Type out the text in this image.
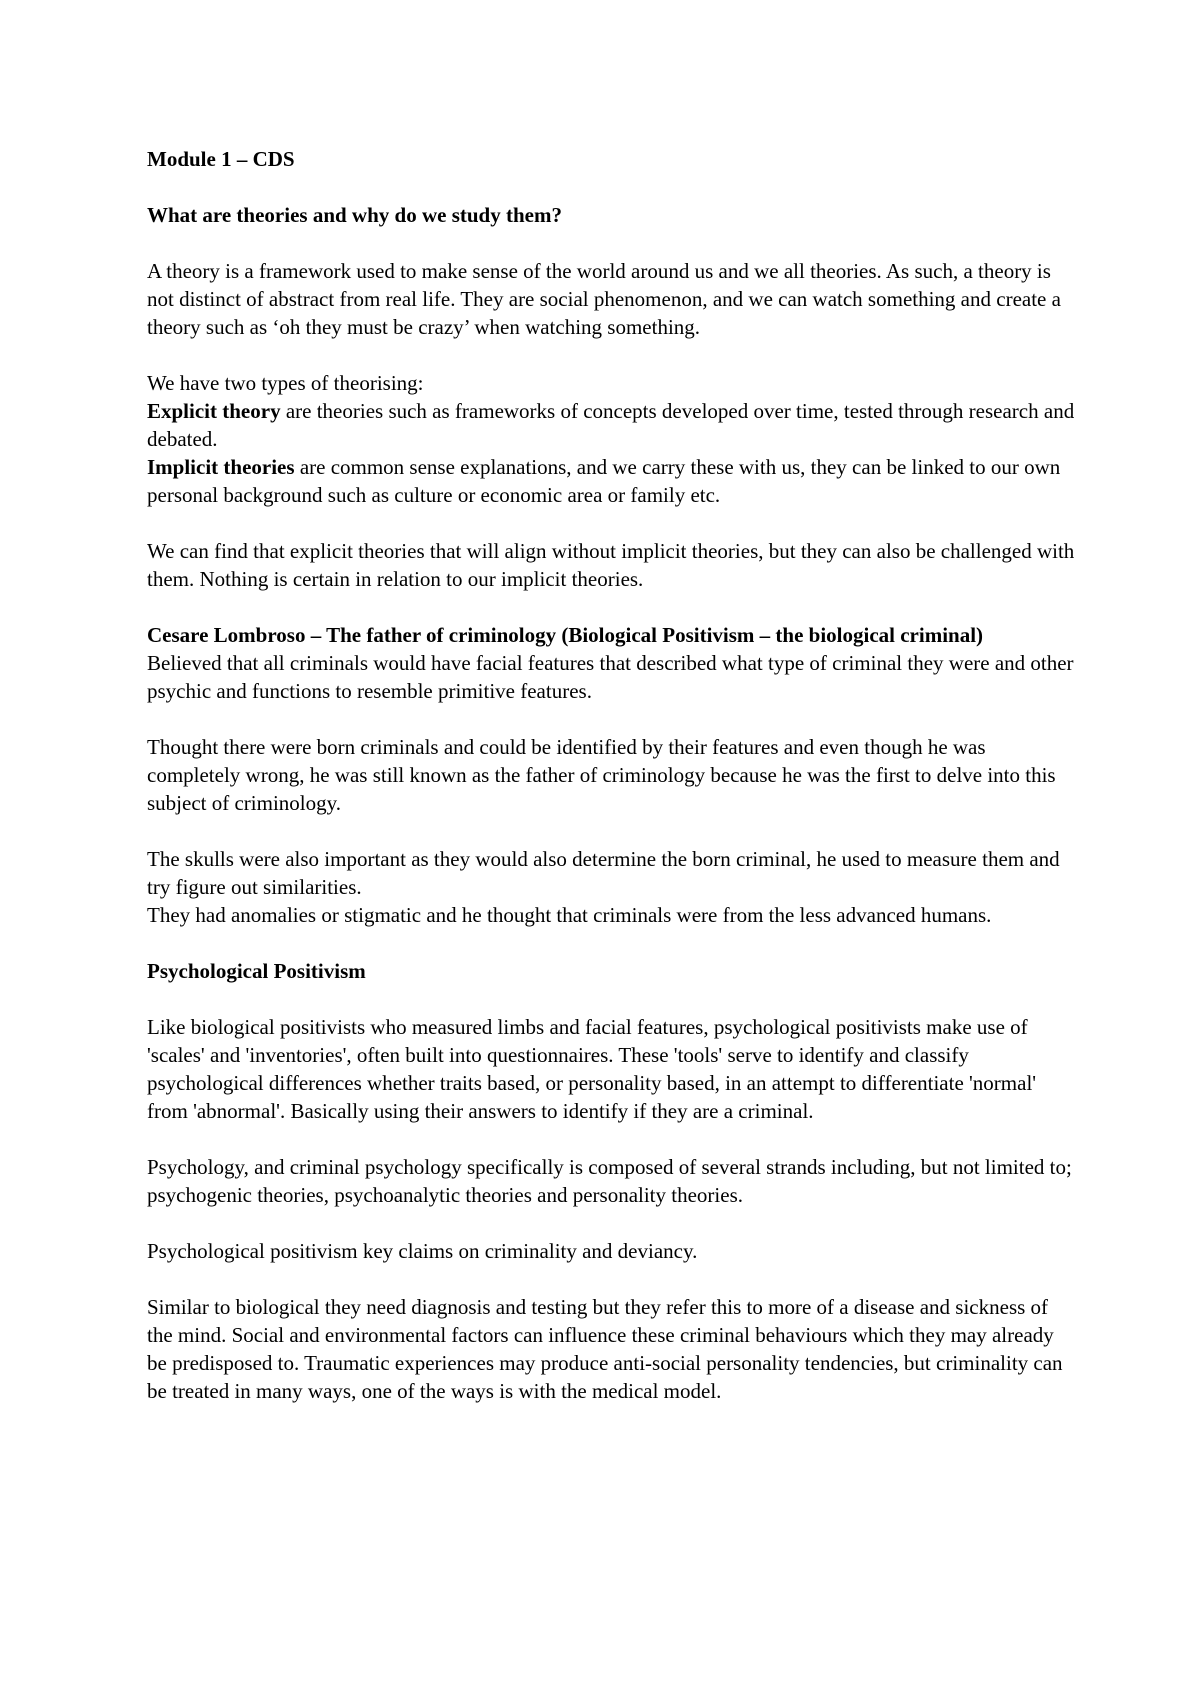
Module 1 – CDS

What are theories and why do we study them?

A theory is a framework used to make sense of the world around us and we all theories. As such, a theory is not distinct of abstract from real life. They are social phenomenon, and we can watch something and create a theory such as ‘oh they must be crazy’ when watching something.

We have two types of theorising:

Explicit theory are theories such as frameworks of concepts developed over time, tested through research and debated.

Implicit theories are common sense explanations, and we carry these with us, they can be linked to our own personal background such as culture or economic area or family etc.

We can find that explicit theories that will align without implicit theories, but they can also be challenged with them. Nothing is certain in relation to our implicit theories.

Cesare Lombroso – The father of criminology (Biological Positivism – the biological criminal)

Believed that all criminals would have facial features that described what type of criminal they were and other psychic and functions to resemble primitive features.

Thought there were born criminals and could be identified by their features and even though he was completely wrong, he was still known as the father of criminology because he was the first to delve into this subject of criminology.

The skulls were also important as they would also determine the born criminal, he used to measure them and try figure out similarities.

They had anomalies or stigmatic and he thought that criminals were from the less advanced humans.

Psychological Positivism

Like biological positivists who measured limbs and facial features, psychological positivists make use of 'scales' and 'inventories', often built into questionnaires. These 'tools' serve to identify and classify psychological differences whether traits based, or personality based, in an attempt to differentiate 'normal' from 'abnormal'. Basically using their answers to identify if they are a criminal.

Psychology, and criminal psychology specifically is composed of several strands including, but not limited to; psychogenic theories, psychoanalytic theories and personality theories.

Psychological positivism key claims on criminality and deviancy.

Similar to biological they need diagnosis and testing but they refer this to more of a disease and sickness of the mind. Social and environmental factors can influence these criminal behaviours which they may already be predisposed to. Traumatic experiences may produce anti-social personality tendencies, but criminality can be treated in many ways, one of the ways is with the medical model.
